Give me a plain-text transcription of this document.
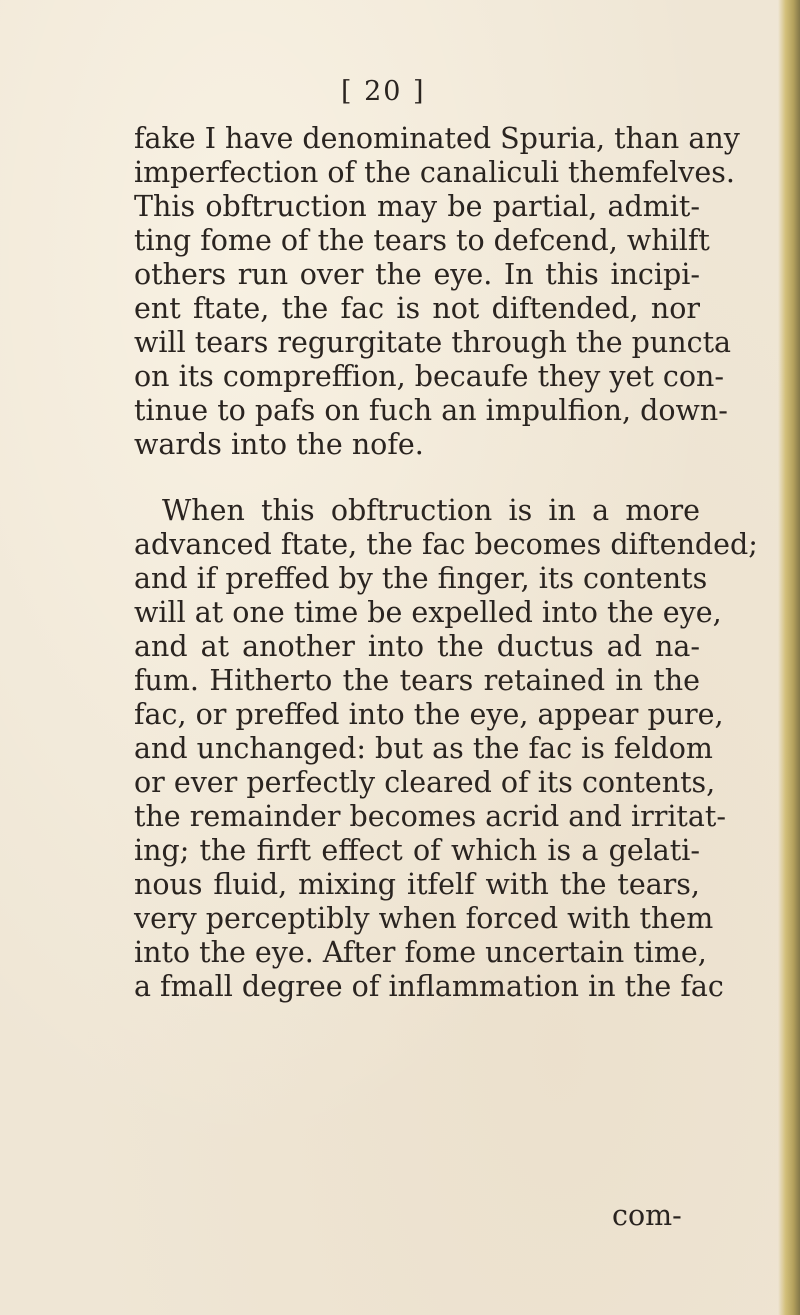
[ 20 ]
fake I have denominated Spuria, than any
imperfection of the canaliculi themfelves.
This obftruction may be partial, admit-
ting fome of the tears to defcend, whilft
others run over the eye. In this incipi-
ent ftate, the fac is not diftended, nor
will tears regurgitate through the puncta
on its compreffion, becaufe they yet con-
tinue to pafs on fuch an impulfion, down-
wards into the nofe.
When this obftruction is in a more
advanced ftate, the fac becomes diftended;
and if preffed by the finger, its contents
will at one time be expelled into the eye,
and at another into the ductus ad na-
fum. Hitherto the tears retained in the
fac, or preffed into the eye, appear pure,
and unchanged: but as the fac is feldom
or ever perfectly cleared of its contents,
the remainder becomes acrid and irritat-
ing; the firft effect of which is a gelati-
nous fluid, mixing itfelf with the tears,
very perceptibly when forced with them
into the eye. After fome uncertain time,
a fmall degree of inflammation in the fac
com-
